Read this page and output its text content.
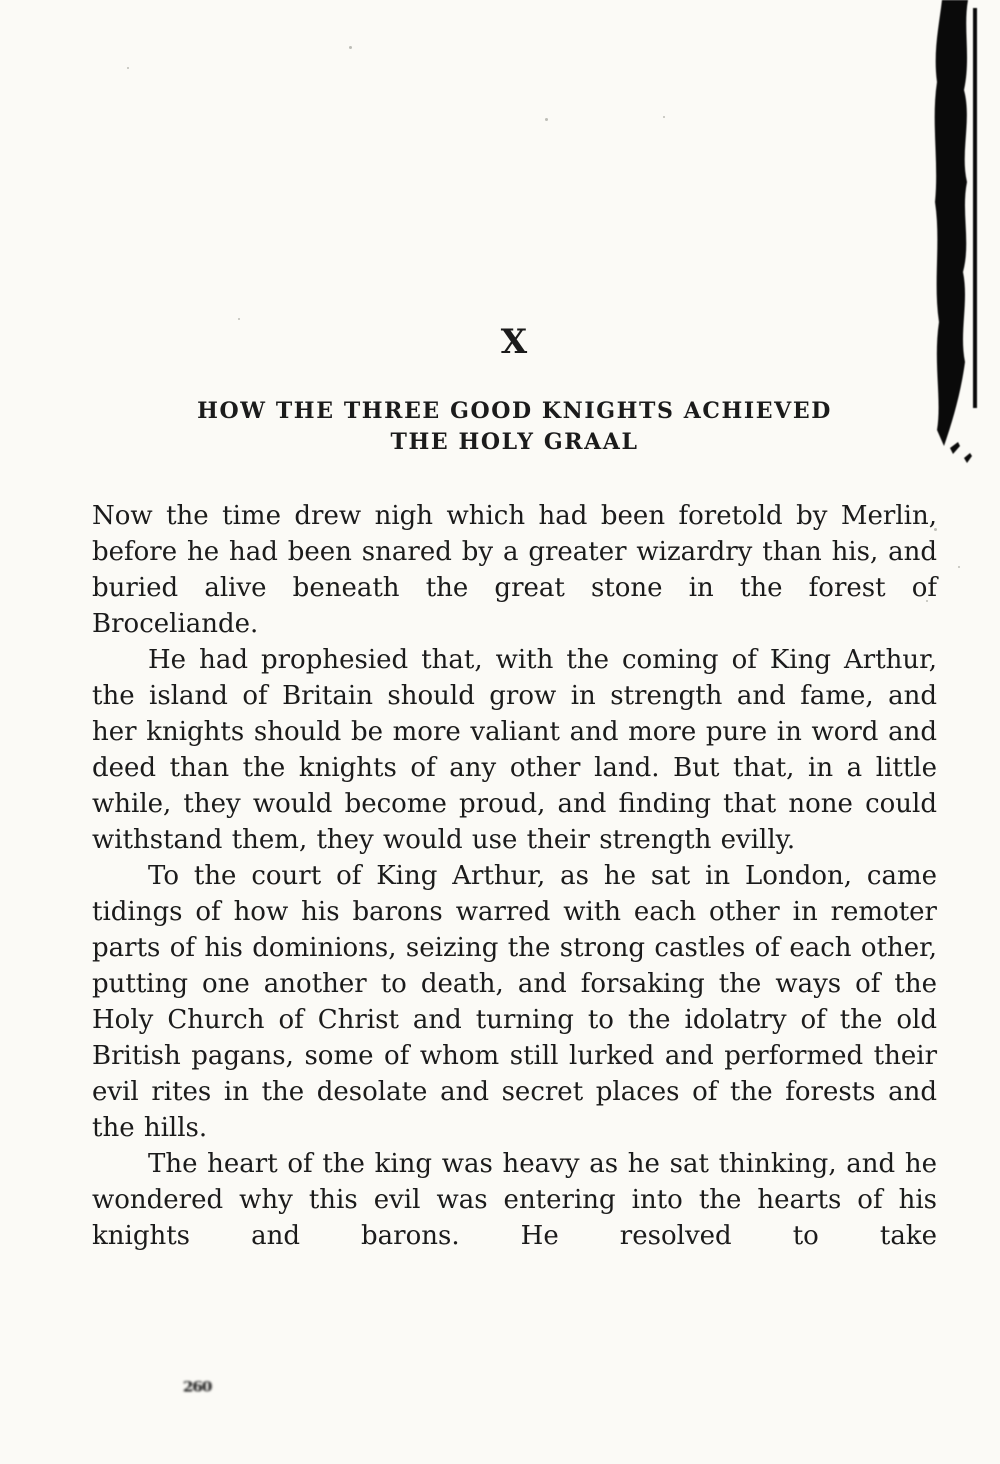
X
HOW THE THREE GOOD KNIGHTS ACHIEVED
THE HOLY GRAAL

Now the time drew nigh which had been foretold by Merlin, before he had been snared by a greater wizardry than his, and buried alive beneath the great stone in the forest of Broceliande.

He had prophesied that, with the coming of King Arthur, the island of Britain should grow in strength and fame, and her knights should be more valiant and more pure in word and deed than the knights of any other land. But that, in a little while, they would become proud, and finding that none could withstand them, they would use their strength evilly.

To the court of King Arthur, as he sat in London, came tidings of how his barons warred with each other in remoter parts of his dominions, seizing the strong castles of each other, putting one another to death, and forsaking the ways of the Holy Church of Christ and turning to the idolatry of the old British pagans, some of whom still lurked and performed their evil rites in the desolate and secret places of the forests and the hills.

The heart of the king was heavy as he sat thinking, and he wondered why this evil was entering into the hearts of his knights and barons. He resolved to take

260
